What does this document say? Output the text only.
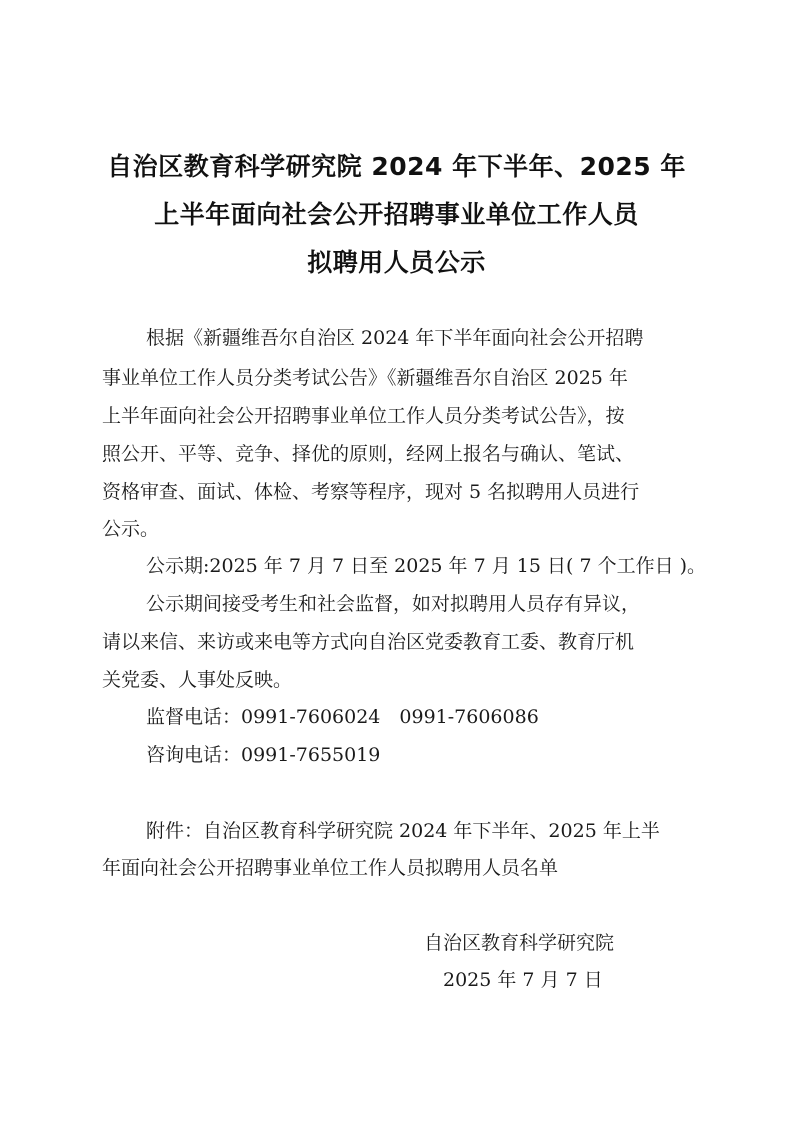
自治区教育科学研究院 2024 年下半年、2025 年
上半年面向社会公开招聘事业单位工作人员
拟聘用人员公示
根据《新疆维吾尔自治区 2024 年下半年面向社会公开招聘
事业单位工作人员分类考试公告》《新疆维吾尔自治区 2025 年
上半年面向社会公开招聘事业单位工作人员分类考试公告》，按
照公开、平等、竞争、择优的原则，经网上报名与确认、笔试、
资格审查、面试、体检、考察等程序，现对 5 名拟聘用人员进行
公示。
公示期:2025 年 7 月 7 日至 2025 年 7 月 15 日( 7 个工作日 )。
公示期间接受考生和社会监督，如对拟聘用人员存有异议，
请以来信、来访或来电等方式向自治区党委教育工委、教育厅机
关党委、人事处反映。
监督电话：0991-7606024　0991-7606086
咨询电话：0991-7655019
附件：自治区教育科学研究院 2024 年下半年、2025 年上半
年面向社会公开招聘事业单位工作人员拟聘用人员名单
自治区教育科学研究院
2025 年 7 月 7 日
